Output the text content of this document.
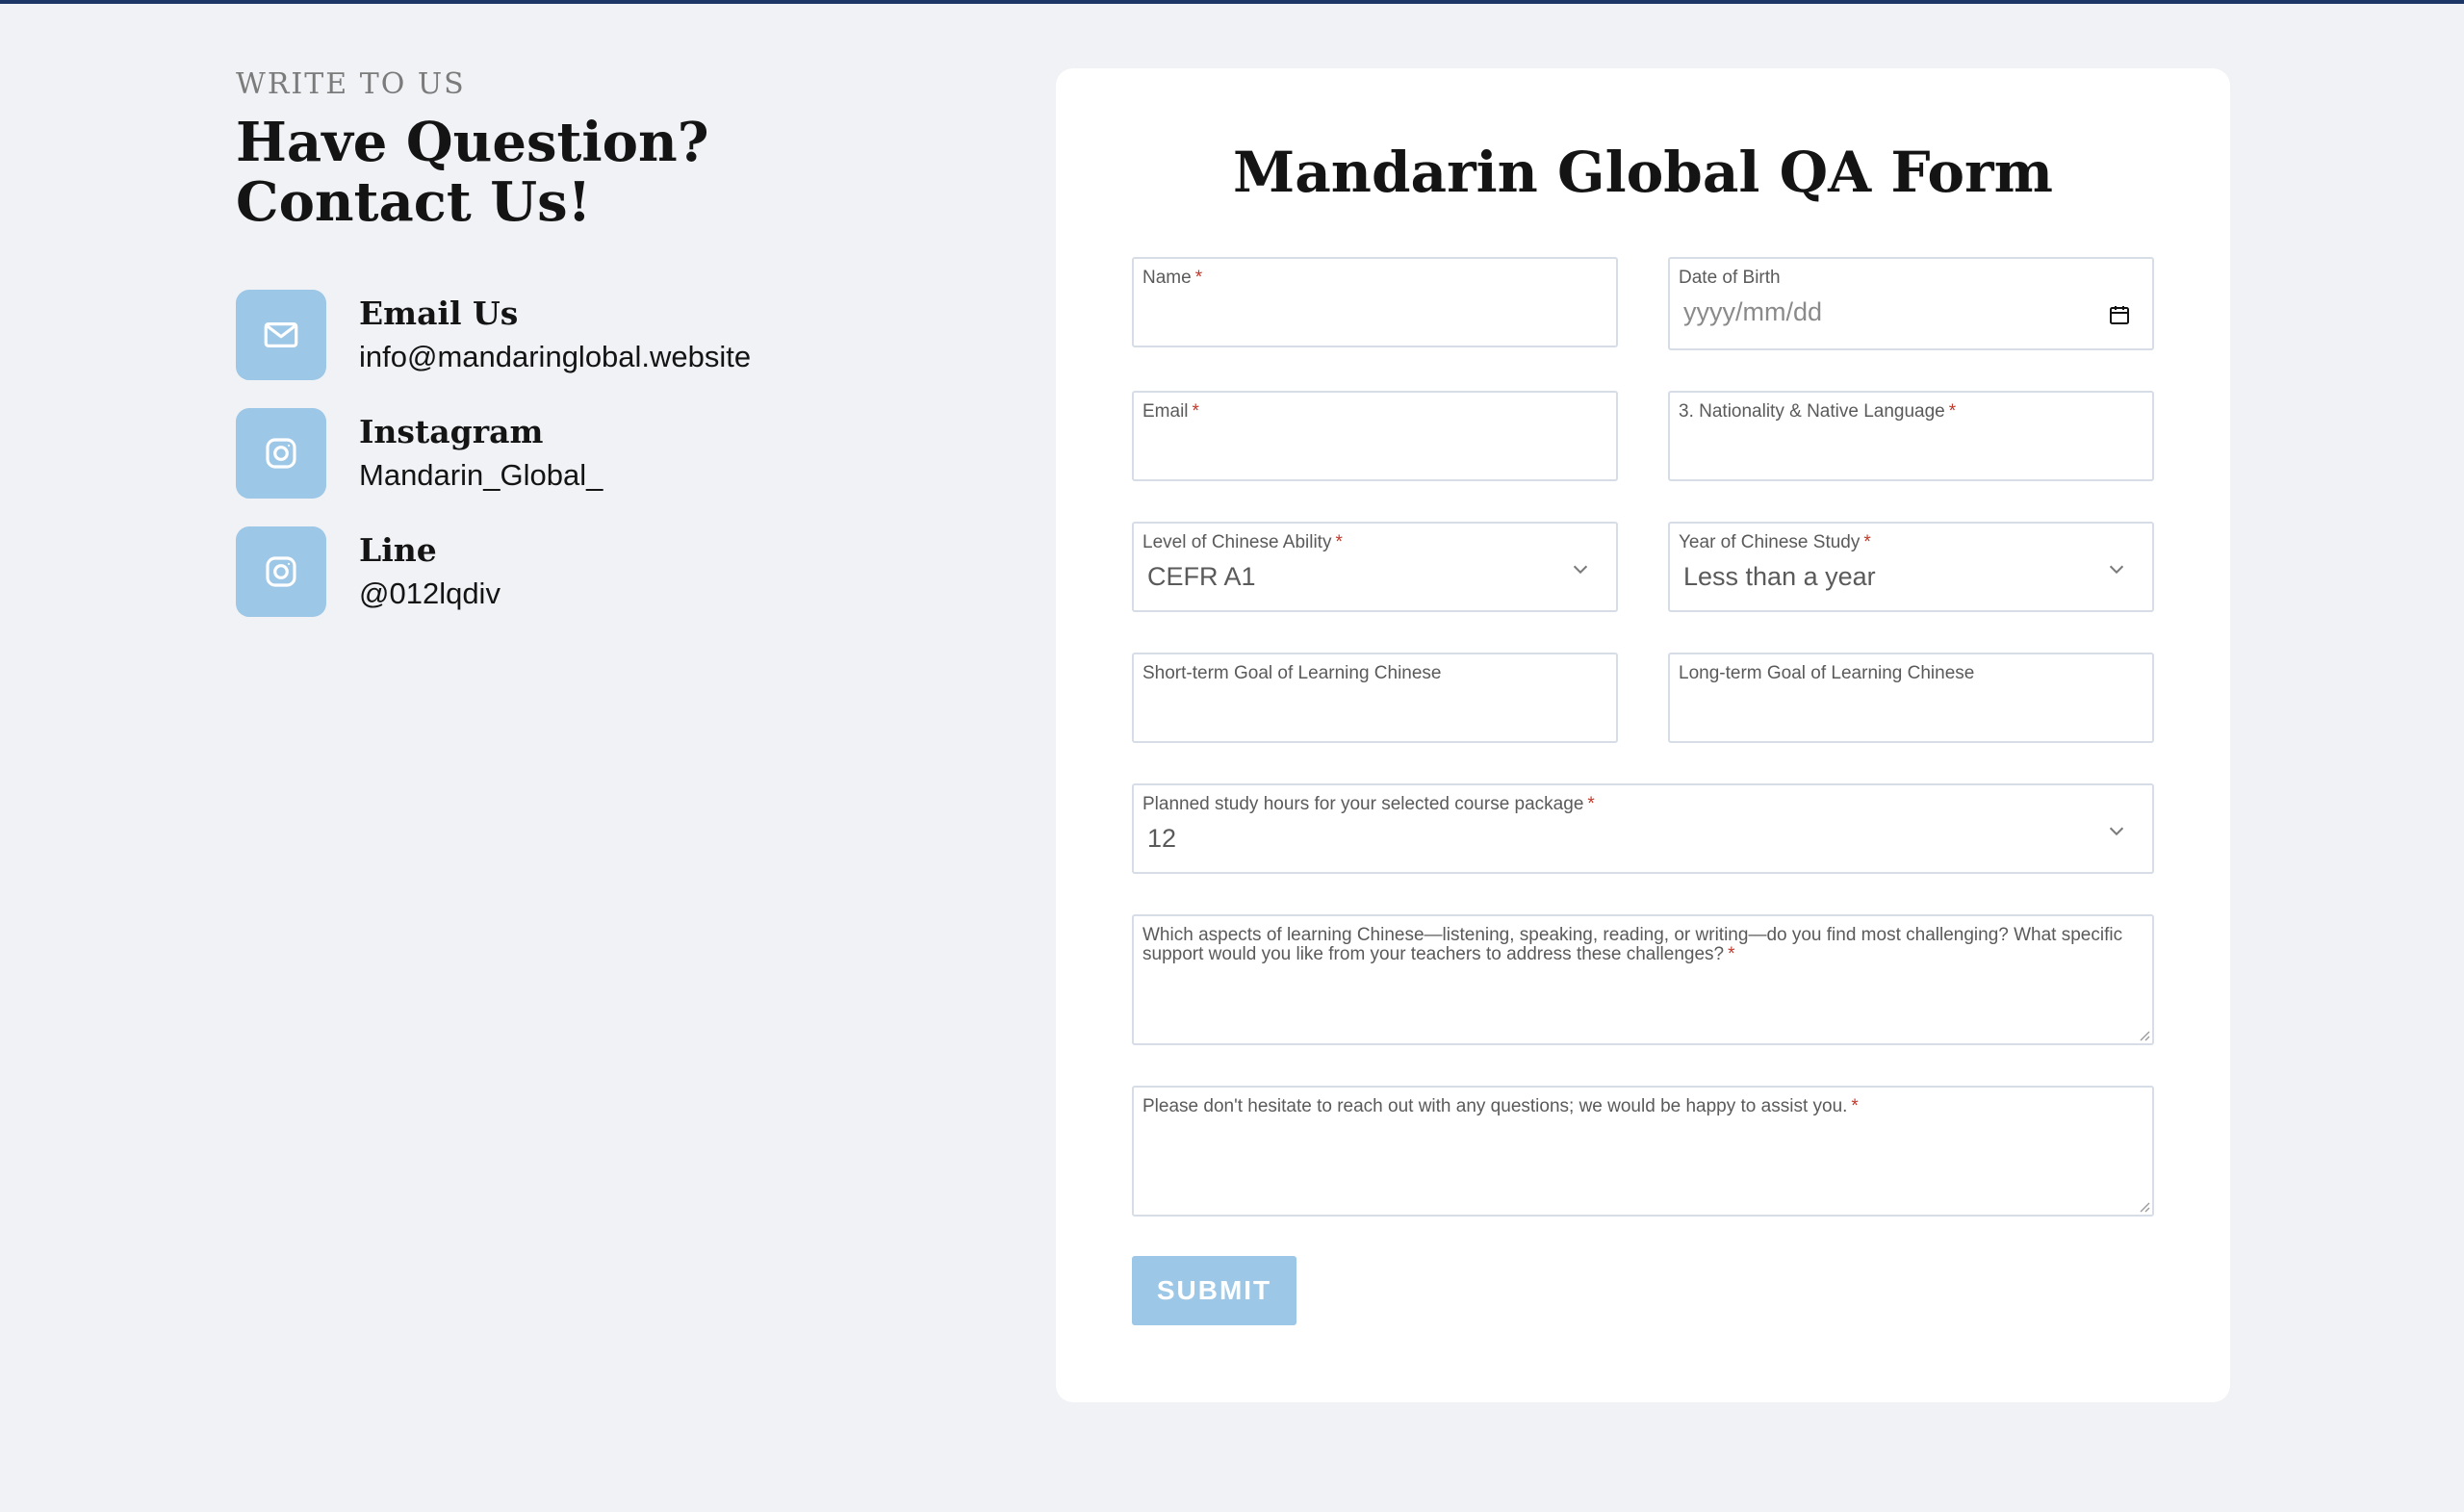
WRITE TO US
Have Question?
Contact Us!
Email Us
info@mandaringlobal.website
Instagram
Mandarin_Global_
Line
@012lqdiv
Mandarin Global QA Form
Name *	Date of Birth
yyyy/mm/dd
Email *	3. Nationality & Native Language *
Level of Chinese Ability *
CEFR A1
Year of Chinese Study *
Less than a year
Short-term Goal of Learning Chinese	Long-term Goal of Learning Chinese
Planned study hours for your selected course package *
12
Which aspects of learning Chinese—listening, speaking, reading, or writing—do you find most challenging? What specific support would you like from your teachers to address these challenges? *
Please don't hesitate to reach out with any questions; we would be happy to assist you. *
SUBMIT
